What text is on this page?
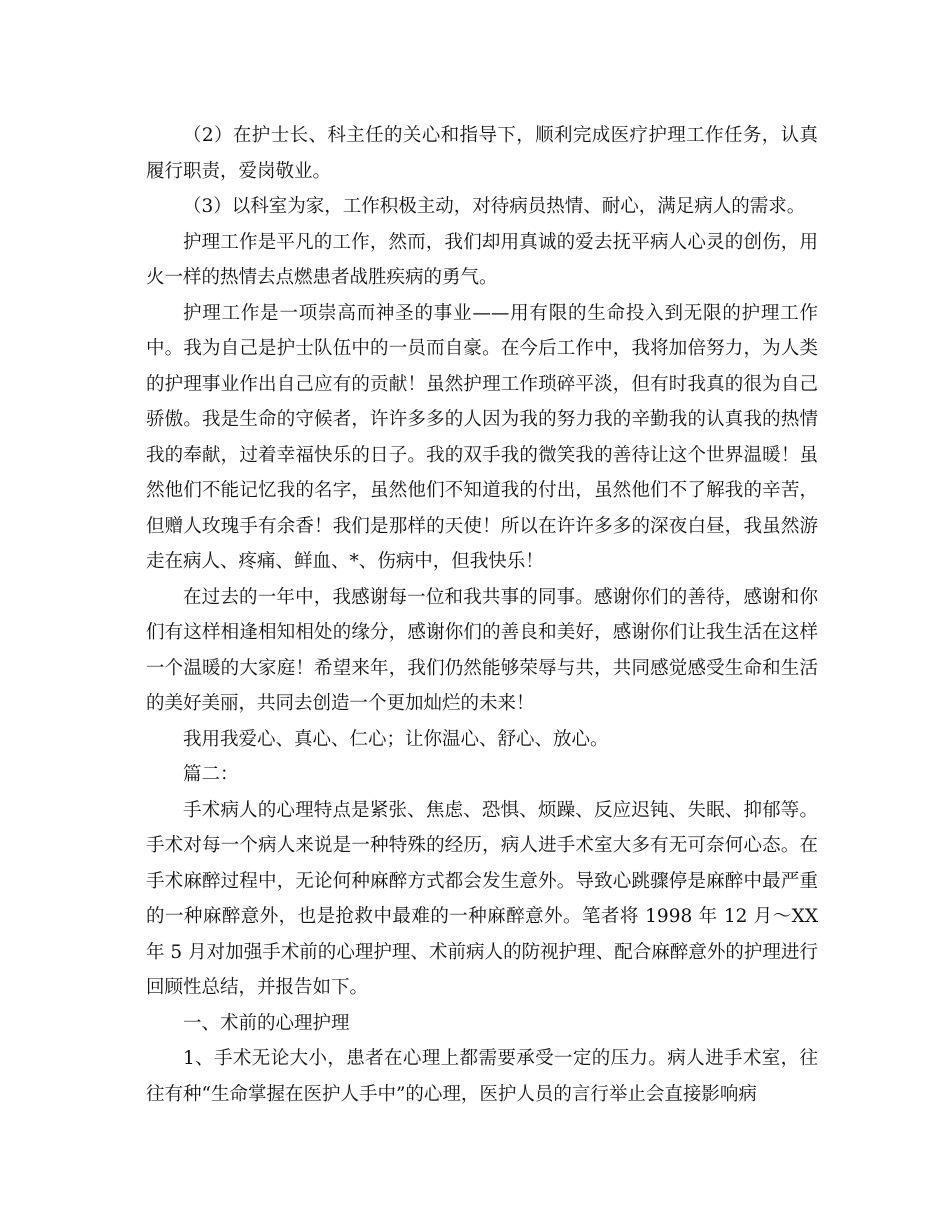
（2）在护士长、科主任的关心和指导下，顺利完成医疗护理工作任务，认真履行职责，爱岗敬业。

（3）以科室为家，工作积极主动，对待病员热情、耐心，满足病人的需求。

护理工作是平凡的工作，然而，我们却用真诚的爱去抚平病人心灵的创伤，用火一样的热情去点燃患者战胜疾病的勇气。

护理工作是一项崇高而神圣的事业——用有限的生命投入到无限的护理工作中。我为自己是护士队伍中的一员而自豪。在今后工作中，我将加倍努力，为人类的护理事业作出自己应有的贡献！虽然护理工作琐碎平淡，但有时我真的很为自己骄傲。我是生命的守候者，许许多多的人因为我的努力我的辛勤我的认真我的热情我的奉献，过着幸福快乐的日子。我的双手我的微笑我的善待让这个世界温暖！虽然他们不能记忆我的名字，虽然他们不知道我的付出，虽然他们不了解我的辛苦，但赠人玫瑰手有余香！我们是那样的天使！所以在许许多多的深夜白昼，我虽然游走在病人、疼痛、鲜血、*、伤病中，但我快乐！

在过去的一年中，我感谢每一位和我共事的同事。感谢你们的善待，感谢和你们有这样相逢相知相处的缘分，感谢你们的善良和美好，感谢你们让我生活在这样一个温暖的大家庭！希望来年，我们仍然能够荣辱与共，共同感觉感受生命和生活的美好美丽，共同去创造一个更加灿烂的未来！

我用我爱心、真心、仁心；让你温心、舒心、放心。

篇二：

手术病人的心理特点是紧张、焦虑、恐惧、烦躁、反应迟钝、失眠、抑郁等。手术对每一个病人来说是一种特殊的经历，病人进手术室大多有无可奈何心态。在手术麻醉过程中，无论何种麻醉方式都会发生意外。导致心跳骤停是麻醉中最严重的一种麻醉意外，也是抢救中最难的一种麻醉意外。笔者将 1998 年 12 月～XX 年 5 月对加强手术前的心理护理、术前病人的防视护理、配合麻醉意外的护理进行回顾性总结，并报告如下。

一、术前的心理护理

1、手术无论大小，患者在心理上都需要承受一定的压力。病人进手术室，往往有种“生命掌握在医护人手中”的心理，医护人员的言行举止会直接影响病
